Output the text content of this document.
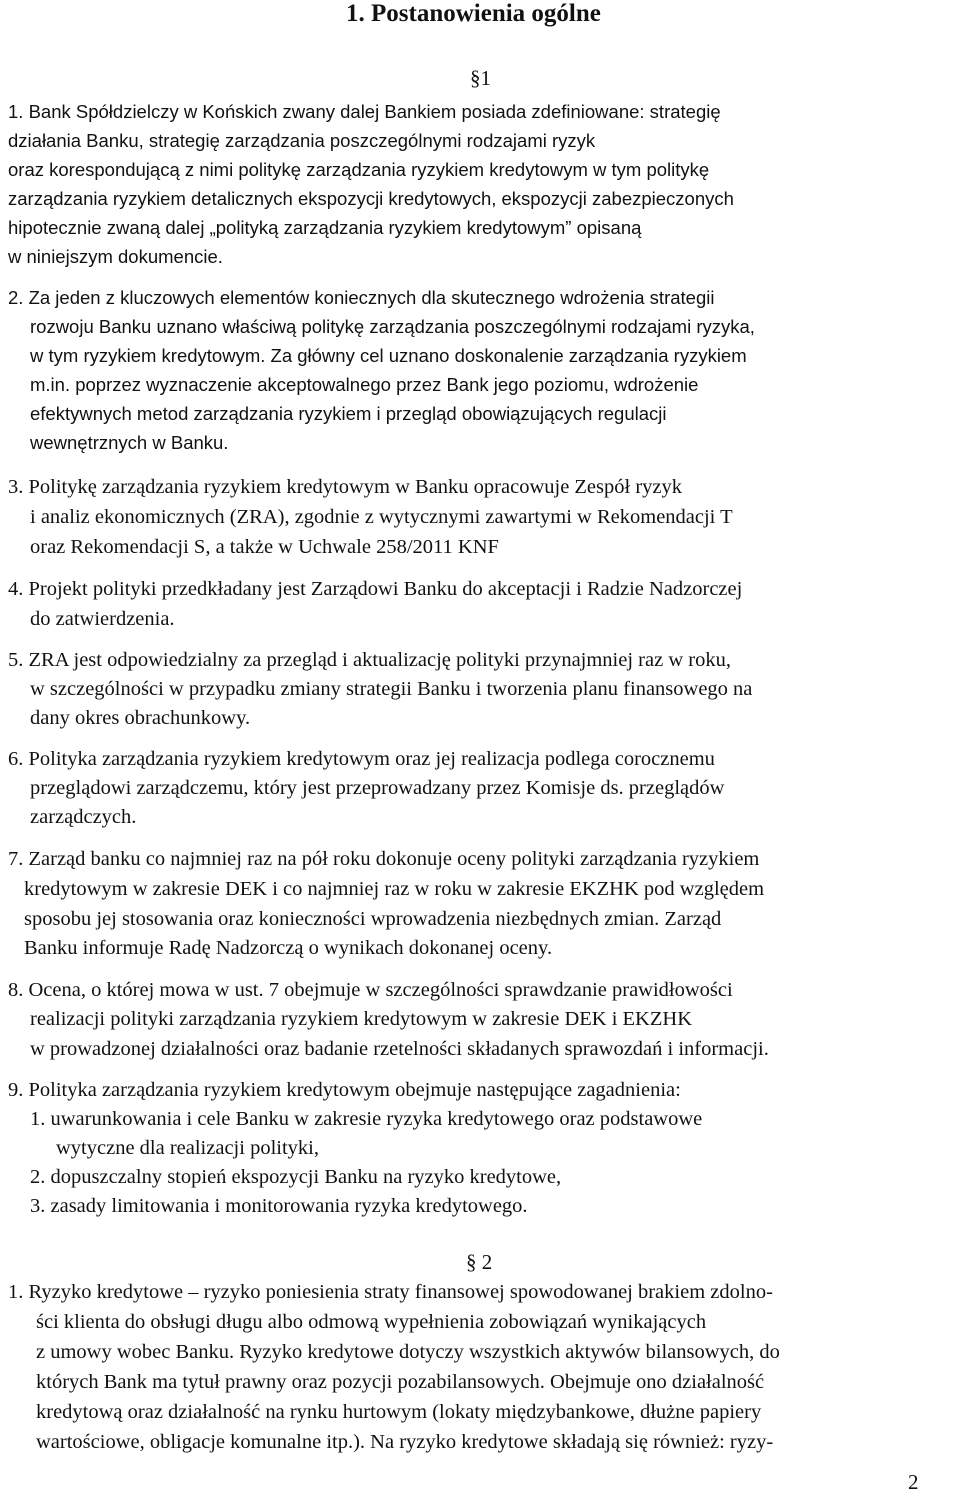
1. Postanowienia ogólne
§1
1. Bank Spółdzielczy w Końskich zwany dalej Bankiem posiada zdefiniowane: strategię
działania Banku, strategię zarządzania poszczególnymi rodzajami ryzyk
oraz korespondującą z nimi politykę zarządzania ryzykiem kredytowym w tym politykę
zarządzania ryzykiem detalicznych ekspozycji kredytowych, ekspozycji zabezpieczonych
hipotecznie zwaną dalej „polityką zarządzania ryzykiem kredytowym” opisaną
w niniejszym dokumencie.
2. Za jeden z kluczowych elementów koniecznych dla skutecznego wdrożenia strategii
rozwoju Banku uznano właściwą politykę zarządzania poszczególnymi rodzajami ryzyka,
w tym ryzykiem kredytowym. Za główny cel uznano doskonalenie zarządzania ryzykiem
m.in. poprzez wyznaczenie akceptowalnego przez Bank jego poziomu, wdrożenie
efektywnych metod zarządzania ryzykiem i przegląd obowiązujących regulacji
wewnętrznych w Banku.
3. Politykę zarządzania ryzykiem kredytowym w Banku opracowuje Zespół ryzyk
i analiz ekonomicznych (ZRA), zgodnie z wytycznymi zawartymi w Rekomendacji T
oraz Rekomendacji S, a także w Uchwale 258/2011 KNF
4. Projekt polityki przedkładany jest Zarządowi Banku do akceptacji i Radzie Nadzorczej
do zatwierdzenia.
5. ZRA jest odpowiedzialny za przegląd i aktualizację polityki przynajmniej raz w roku,
w szczególności w przypadku zmiany strategii Banku i tworzenia planu finansowego na
dany okres obrachunkowy.
6. Polityka zarządzania ryzykiem kredytowym oraz jej realizacja podlega corocznemu
przeglądowi zarządczemu, który jest przeprowadzany przez Komisje ds. przeglądów
zarządczych.
7. Zarząd banku co najmniej raz na pół roku dokonuje oceny polityki zarządzania ryzykiem
kredytowym w zakresie DEK i co najmniej raz w roku w zakresie EKZHK pod względem
sposobu jej stosowania oraz konieczności wprowadzenia niezbędnych zmian. Zarząd
Banku informuje Radę Nadzorczą o wynikach dokonanej oceny.
8. Ocena, o której mowa w ust. 7 obejmuje w szczególności sprawdzanie prawidłowości
realizacji polityki zarządzania ryzykiem kredytowym w zakresie DEK i EKZHK
w prowadzonej działalności oraz badanie rzetelności składanych sprawozdań i informacji.
9. Polityka zarządzania ryzykiem kredytowym obejmuje następujące zagadnienia:
1. uwarunkowania i cele Banku w zakresie ryzyka kredytowego oraz podstawowe
wytyczne dla realizacji polityki,
2. dopuszczalny stopień ekspozycji Banku na ryzyko kredytowe,
3. zasady limitowania i monitorowania ryzyka kredytowego.
§ 2
1. Ryzyko kredytowe – ryzyko poniesienia straty finansowej spowodowanej brakiem zdolno-
ści klienta do obsługi długu albo odmową wypełnienia zobowiązań wynikających
z umowy wobec Banku. Ryzyko kredytowe dotyczy wszystkich aktywów bilansowych, do
których Bank ma tytuł prawny oraz pozycji pozabilansowych. Obejmuje ono działalność
kredytową oraz działalność na rynku hurtowym (lokaty międzybankowe, dłużne papiery
wartościowe, obligacje komunalne itp.). Na ryzyko kredytowe składają się również: ryzy-
2
